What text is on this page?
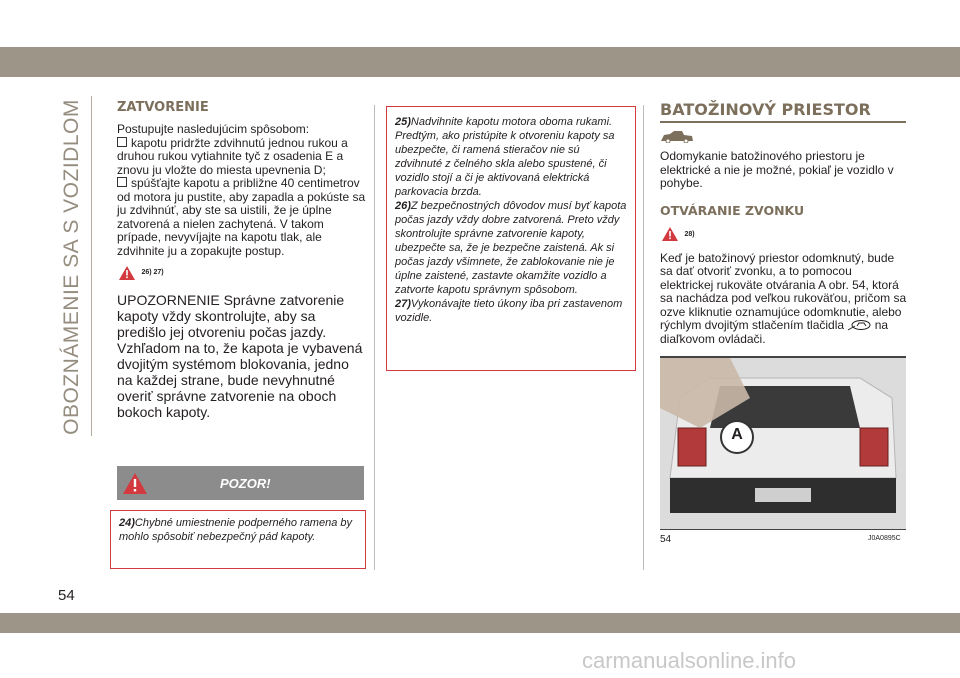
OBOZNÁMENIE SA S VOZIDLOM	ZATVORENIE

Postupujte nasledujúcim spôsobom:

kapotu pridržte zdvihnutú jednou rukou a druhou rukou vytiahnite tyč z osadenia E a znovu ju vložte do miesta upevnenia D;

spúšťajte kapotu a približne 40 centimetrov od motora ju pustite, aby zapadla a pokúste sa ju zdvihnúť, aby ste sa uistili, že je úplne zatvorená a nielen zachytená. V takom prípade, nevyvíjajte na kapotu tlak, ale zdvihnite ju a zopakujte postup.

26) 27)

UPOZORNENIE Správne zatvorenie kapoty vždy skontrolujte, aby sa predišlo jej otvoreniu počas jazdy. Vzhľadom na to, že kapota je vybavená dvojitým systémom blokovania, jedno na každej strane, bude nevyhnutné overiť správne zatvorenie na oboch bokoch kapoty.

POZOR!

24)Chybné umiestnenie podperného ramena by mohlo spôsobiť nebezpečný pád kapoty.

25)Nadvihnite kapotu motora oboma rukami. Predtým, ako pristúpite k otvoreniu kapoty sa ubezpečte, či ramená stieračov nie sú zdvihnuté z čelného skla alebo spustené, či vozidlo stojí a či je aktivovaná elektrická parkovacia brzda.

26)Z bezpečnostných dôvodov musí byť kapota počas jazdy vždy dobre zatvorená. Preto vždy skontrolujte správne zatvorenie kapoty, ubezpečte sa, že je bezpečne zaistená. Ak si počas jazdy všimnete, že zablokovanie nie je úplne zaistené, zastavte okamžite vozidlo a zatvorte kapotu správnym spôsobom.

27)Vykonávajte tieto úkony iba pri zastavenom vozidle.

BATOŽINOVÝ PRIESTOR

Odomykanie batožinového priestoru je elektrické a nie je možné, pokiaľ je vozidlo v pohybe.

OTVÁRANIE ZVONKU
28)

Keď je batožinový priestor odomknutý, bude sa dať otvoriť zvonku, a to pomocou elektrickej rukoväte otvárania A obr. 54, ktorá sa nachádza pod veľkou rukoväťou, pričom sa ozve kliknutie oznamujúce odomknutie, alebo rýchlym dvojitým stlačením tlačidla	na diaľkovom ovládači.

A
54	J0A0895C
54
carmanualsonline.info
